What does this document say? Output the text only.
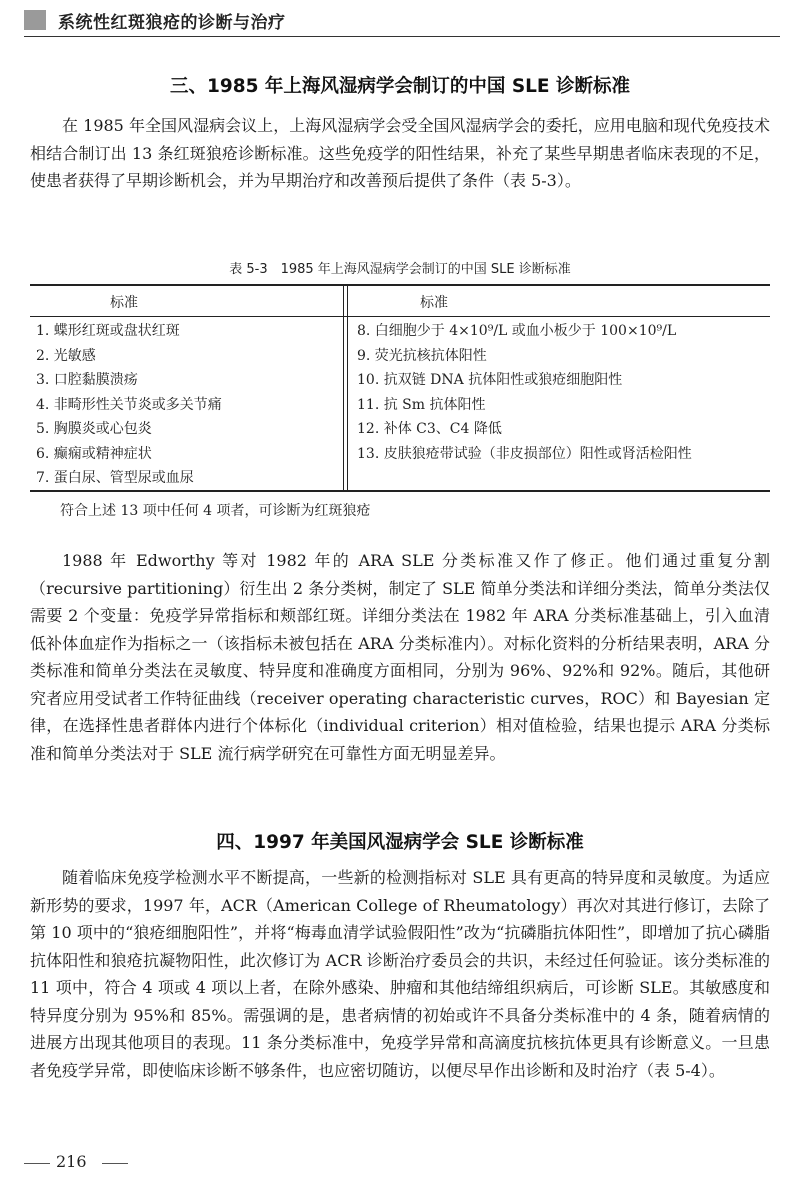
系统性红斑狼疮的诊断与治疗
三、1985 年上海风湿病学会制订的中国 SLE 诊断标准

在 1985 年全国风湿病会议上，上海风湿病学会受全国风湿病学会的委托，应用电脑和现代免疫技术相结合制订出 13 条红斑狼疮诊断标准。这些免疫学的阳性结果，补充了某些早期患者临床表现的不足，使患者获得了早期诊断机会，并为早期治疗和改善预后提供了条件（表 5-3）。

表 5-3　1985 年上海风湿病学会制订的中国 SLE 诊断标准
标准	标准
1. 蝶形红斑或盘状红斑
2. 光敏感
3. 口腔黏膜溃疡
4. 非畸形性关节炎或多关节痛
5. 胸膜炎或心包炎
6. 癫痫或精神症状
7. 蛋白尿、管型尿或血尿
8. 白细胞少于 4×10⁹/L 或血小板少于 100×10⁹/L
9. 荧光抗核抗体阳性
10. 抗双链 DNA 抗体阳性或狼疮细胞阳性
11. 抗 Sm 抗体阳性
12. 补体 C3、C4 降低
13. 皮肤狼疮带试验（非皮损部位）阳性或肾活检阳性
符合上述 13 项中任何 4 项者，可诊断为红斑狼疮

1988 年 Edworthy 等对 1982 年的 ARA SLE 分类标准又作了修正。他们通过重复分割（recursive partitioning）衍生出 2 条分类树，制定了 SLE 简单分类法和详细分类法，简单分类法仅需要 2 个变量：免疫学异常指标和颊部红斑。详细分类法在 1982 年 ARA 分类标准基础上，引入血清低补体血症作为指标之一（该指标未被包括在 ARA 分类标准内）。对标化资料的分析结果表明，ARA 分类标准和简单分类法在灵敏度、特异度和准确度方面相同，分别为 96%、92%和 92%。随后，其他研究者应用受试者工作特征曲线（receiver operating characteristic curves，ROC）和 Bayesian 定律，在选择性患者群体内进行个体标化（individual criterion）相对值检验，结果也提示 ARA 分类标准和简单分类法对于 SLE 流行病学研究在可靠性方面无明显差异。

四、1997 年美国风湿病学会 SLE 诊断标准

随着临床免疫学检测水平不断提高，一些新的检测指标对 SLE 具有更高的特异度和灵敏度。为适应新形势的要求，1997 年，ACR（American College of Rheumatology）再次对其进行修订，去除了第 10 项中的“狼疮细胞阳性”，并将“梅毒血清学试验假阳性”改为“抗磷脂抗体阳性”，即增加了抗心磷脂抗体阳性和狼疮抗凝物阳性，此次修订为 ACR 诊断治疗委员会的共识，未经过任何验证。该分类标准的 11 项中，符合 4 项或 4 项以上者，在除外感染、肿瘤和其他结缔组织病后，可诊断 SLE。其敏感度和特异度分别为 95%和 85%。需强调的是，患者病情的初始或许不具备分类标准中的 4 条，随着病情的进展方出现其他项目的表现。11 条分类标准中，免疫学异常和高滴度抗核抗体更具有诊断意义。一旦患者免疫学异常，即使临床诊断不够条件，也应密切随访，以便尽早作出诊断和及时治疗（表 5-4）。

216
